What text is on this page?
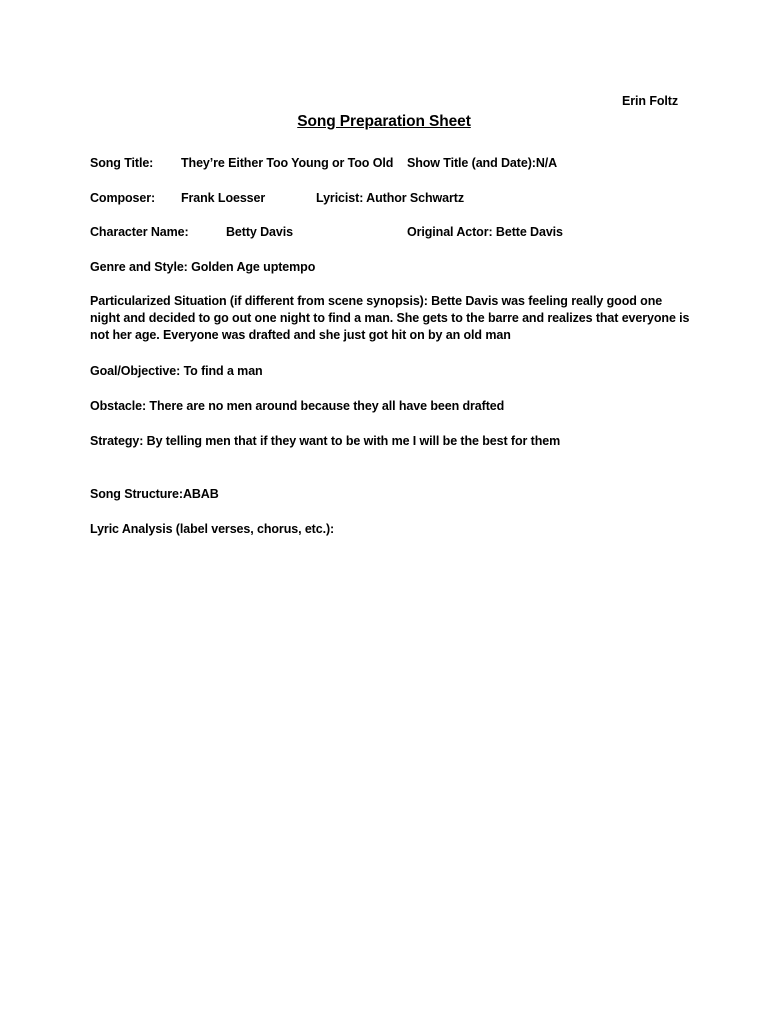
Erin Foltz
Song Preparation Sheet
Song Title: They’re Either Too Young or Too Old Show Title (and Date):N/A
Composer: Frank Loesser	Lyricist: Author Schwartz
Character Name:	Betty Davis	Original Actor: Bette Davis
Genre and Style: Golden Age uptempo
Particularized Situation (if different from scene synopsis): Bette Davis was feeling really good one night and decided to go out one night to find a man. She gets to the barre and realizes that everyone is not her age. Everyone was drafted and she just got hit on by an old man
Goal/Objective: To find a man
Obstacle: There are no men around because they all have been drafted
Strategy: By telling men that if they want to be with me I will be the best for them
Song Structure:ABAB
Lyric Analysis (label verses, chorus, etc.):
